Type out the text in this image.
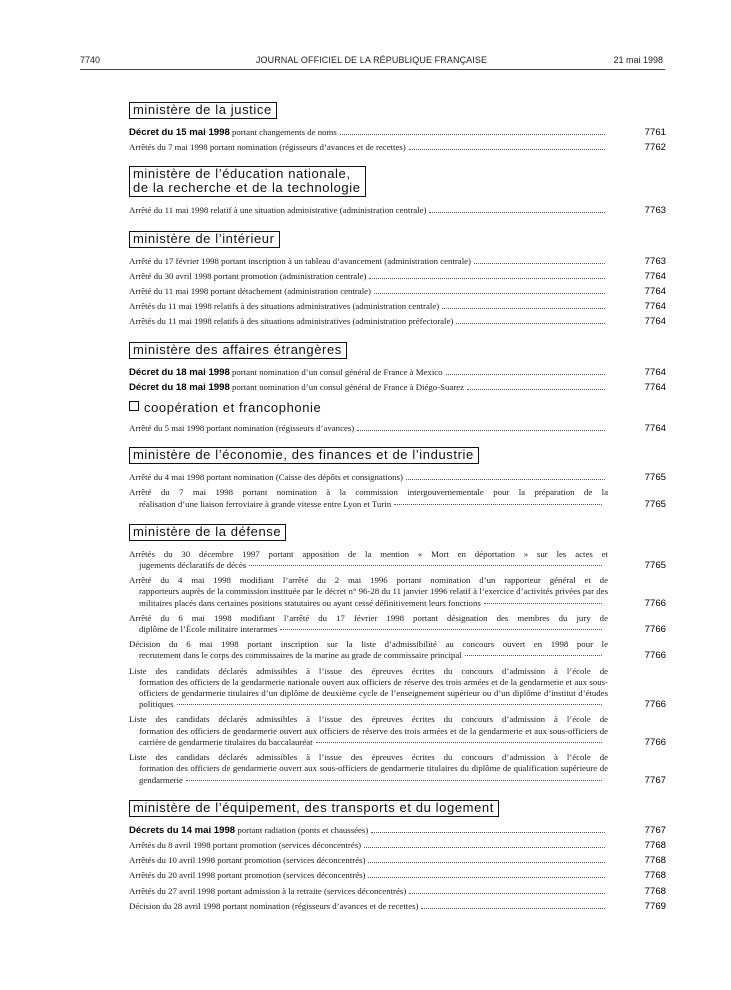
7740	JOURNAL OFFICIEL DE LA RÉPUBLIQUE FRANÇAISE	21 mai 1998
ministère de la justice
Décret du 15 mai 1998 portant changements de noms	7761
Arrêtés du 7 mai 1998 portant nomination (régisseurs d’avances et de recettes)	7762
ministère de l’éducation nationale,
de la recherche et de la technologie
Arrêté du 11 mai 1998 relatif à une situation administrative (administration centrale)	7763
ministère de l’intérieur
Arrêté du 17 février 1998 portant inscription à un tableau d’avancement (administration centrale)	7763
Arrêté du 30 avril 1998 portant promotion (administration centrale)	7764
Arrêté du 11 mai 1998 portant détachement (administration centrale)	7764
Arrêtés du 11 mai 1998 relatifs à des situations administratives (administration centrale)	7764
Arrêtés du 11 mai 1998 relatifs à des situations administratives (administration préfectorale)	7764
ministère des affaires étrangères
Décret du 18 mai 1998 portant nomination d’un consul général de France à Mexico	7764
Décret du 18 mai 1998 portant nomination d’un consul général de France à Diégo-Suarez	7764
coopération et francophonie
Arrêté du 5 mai 1998 portant nomination (régisseurs d’avances)	7764
ministère de l’économie, des finances et de l’industrie
Arrêté du 4 mai 1998 portant nomination (Caisse des dépôts et consignations)	7765
Arrêté du 7 mai 1998 portant nomination à la commission intergouvernementale pour la préparation de la
réalisation d’une liaison ferroviaire à grande vitesse entre Lyon et Turin	7765
ministère de la défense
Arrêtés du 30 décembre 1997 portant apposition de la mention « Mort en déportation » sur les actes et
jugements déclaratifs de décès	7765
Arrêté du 4 mai 1998 modifiant l’arrêté du 2 mai 1996 portant nomination d’un rapporteur général et de
rapporteurs auprès de la commission instituée par le décret n° 96-28 du 11 janvier 1996 relatif à l’exercice d’activités privées par des militaires placés dans certaines positions statutaires ou ayant cessé définitivement leurs fonctions	7766
Arrêté du 6 mai 1998 modifiant l’arrêté du 17 février 1998 portant désignation des membres du jury de
diplôme de l’École militaire interarmes	7766
Décision du 6 mai 1998 portant inscription sur la liste d’admissibilité au concours ouvert en 1998 pour le
recrutement dans le corps des commissaires de la marine au grade de commissaire principal	7766
Liste des candidats déclarés admissibles à l’issue des épreuves écrites du concours d’admission à l’école de
formation des officiers de la gendarmerie nationale ouvert aux officiers de réserve des trois armées et de la gendarmerie et aux sous-officiers de gendarmerie titulaires d’un diplôme de deuxième cycle de l’enseignement supérieur ou d’un diplôme d’institut d’études politiques	7766
Liste des candidats déclarés admissibles à l’issue des épreuves écrites du concours d’admission à l’école de
formation des officiers de gendarmerie ouvert aux officiers de réserve des trois armées et de la gendarmerie et aux sous-officiers de carrière de gendarmerie titulaires du baccalauréat	7766
Liste des candidats déclarés admissibles à l’issue des épreuves écrites du concours d’admission à l’école de
formation des officiers de gendarmerie ouvert aux sous-officiers de gendarmerie titulaires du diplôme de qualification supérieure de gendarmerie	7767
ministère de l’équipement, des transports et du logement
Décrets du 14 mai 1998 portant radiation (ponts et chaussées)	7767
Arrêtés du 8 avril 1998 portant promotion (services déconcentrés)	7768
Arrêtés du 10 avril 1998 portant promotion (services déconcentrés)	7768
Arrêtés du 20 avril 1998 portant promotion (services déconcentrés)	7768
Arrêtés du 27 avril 1998 portant admission à la retraite (services déconcentrés)	7768
Décision du 28 avril 1998 portant nomination (régisseurs d’avances et de recettes)	7769
